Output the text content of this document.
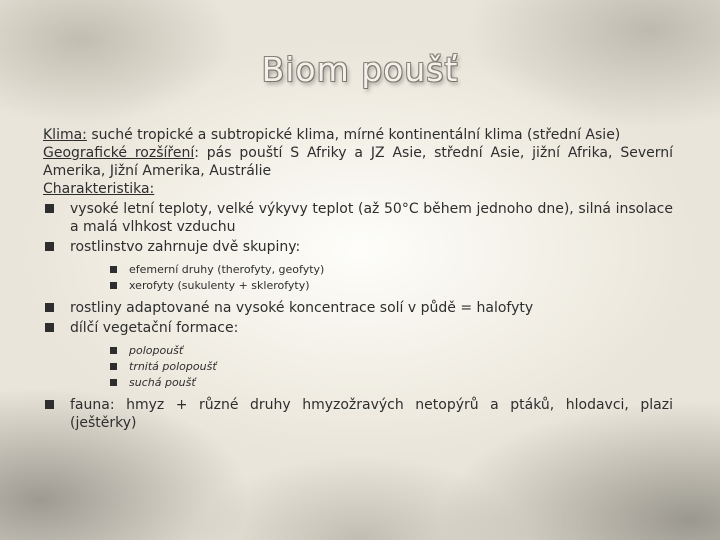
Biom poušť

Klima: suché tropické a subtropické klima, mírné kontinentální klima (střední Asie)

Geografické rozšíření: pás pouští S Afriky a JZ Asie, střední Asie, jižní Afrika, Severní Amerika, Jižní Amerika, Austrálie

Charakteristika:

vysoké letní teploty, velké výkyvy teplot (až 50°C během jednoho dne), silná insolace a malá vlhkost vzduchu
rostlinstvo zahrnuje dvě skupiny:
efemerní druhy (therofyty, geofyty)
xerofyty (sukulenty + sklerofyty)
rostliny adaptované na vysoké koncentrace solí v půdě = halofyty
dílčí vegetační formace:
polopoušť
trnitá polopoušť
suchá poušť
fauna: hmyz + různé druhy hmyzožravých netopýrů a ptáků, hlodavci, plazi (ještěrky)
